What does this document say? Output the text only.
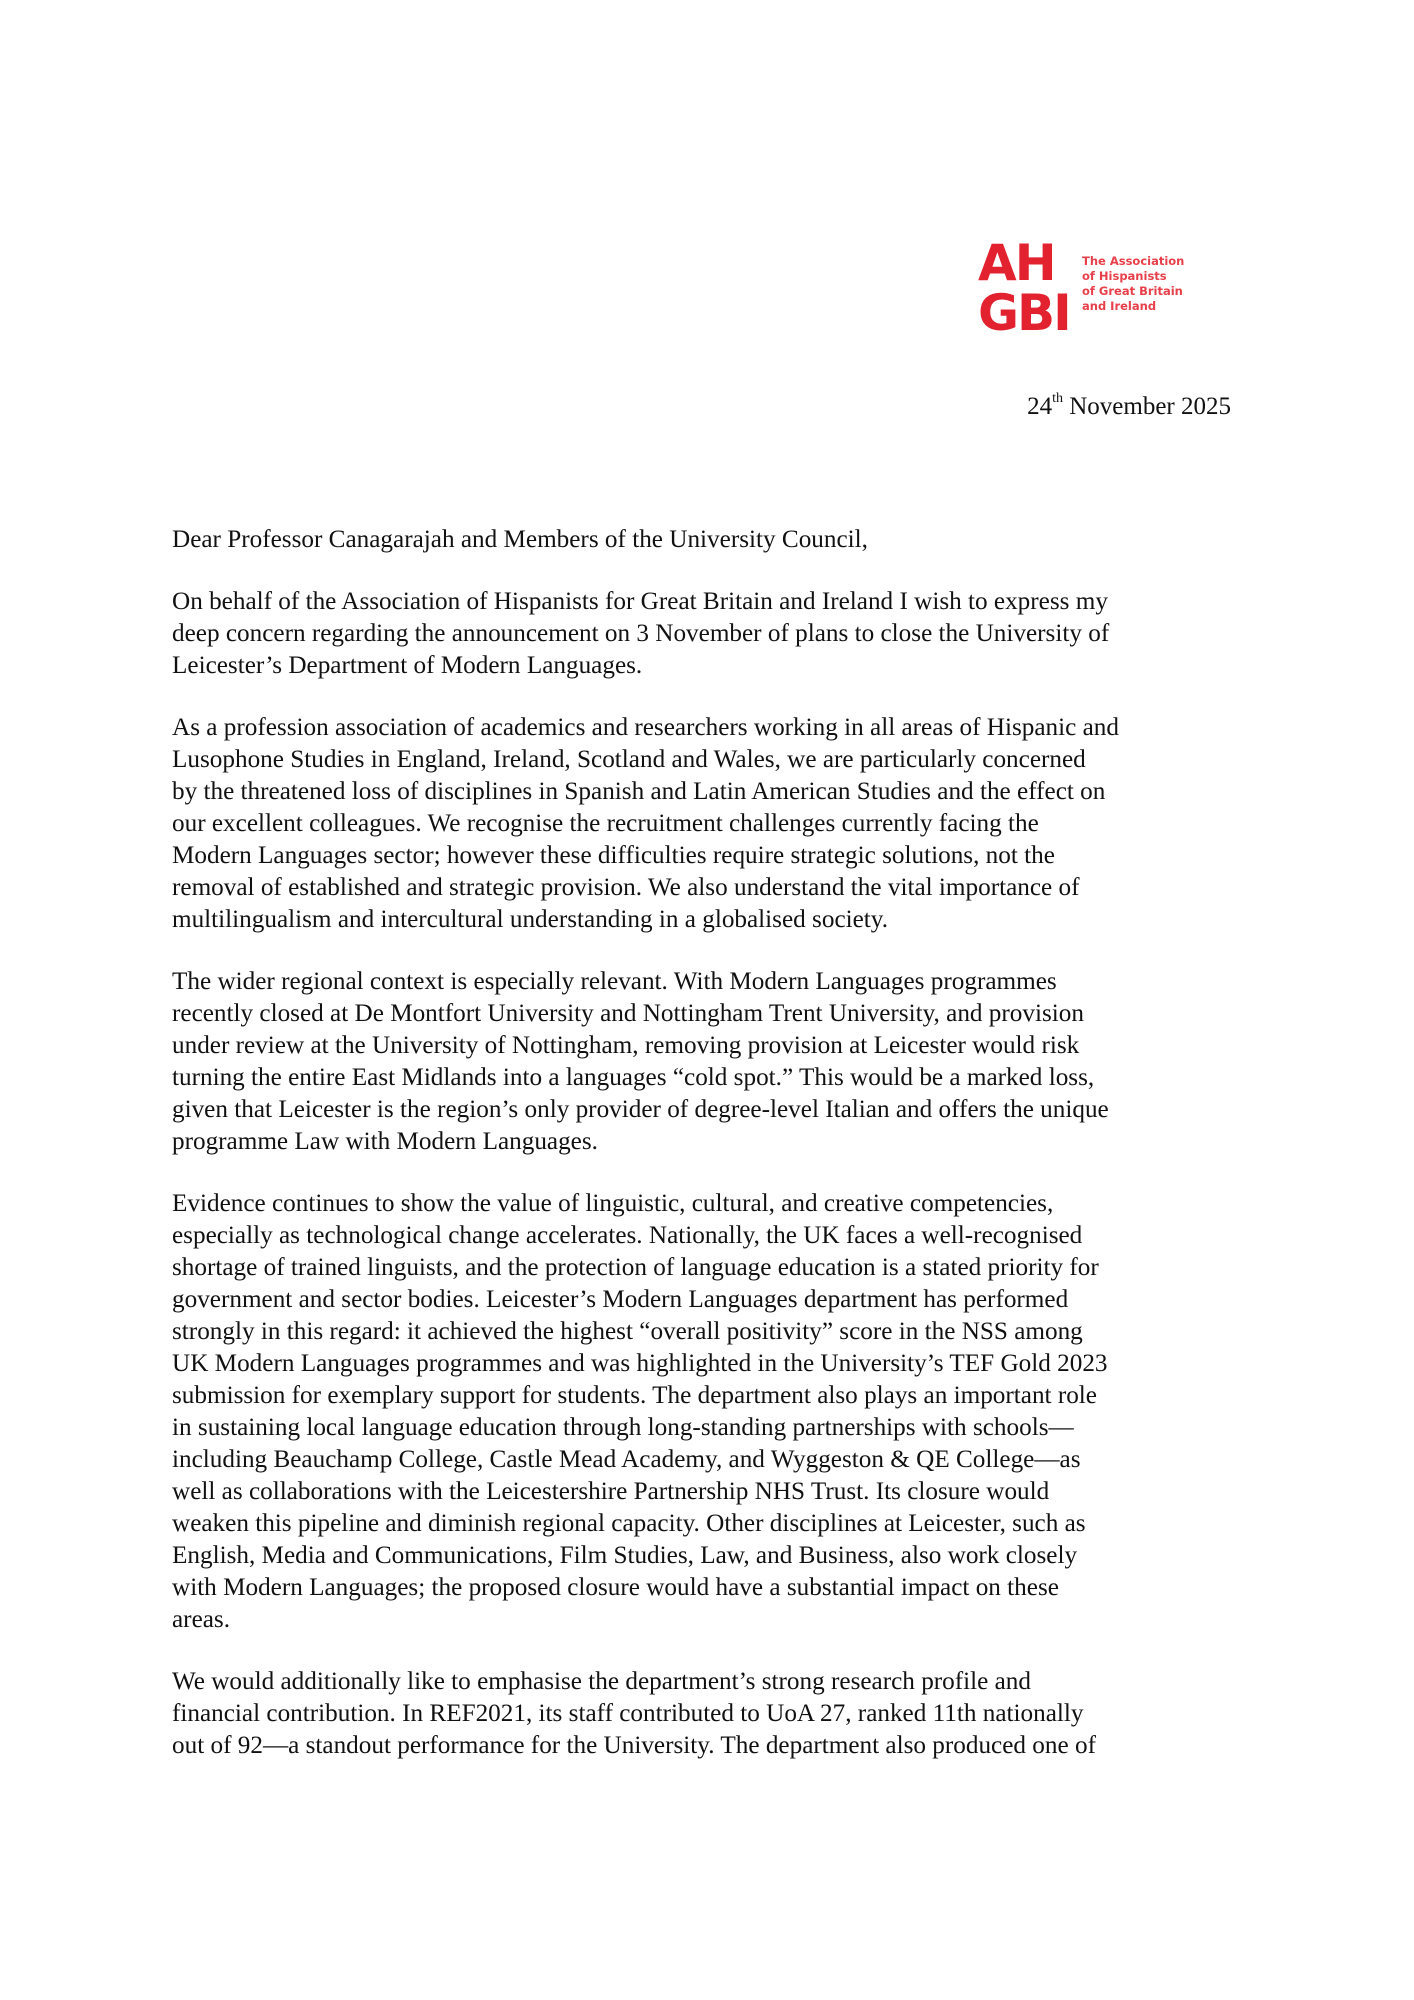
AH
GBI
The Association
of Hispanists
of Great Britain
and Ireland
24th November 2025

Dear Professor Canagarajah and Members of the University Council,

On behalf of the Association of Hispanists for Great Britain and Ireland I wish to express my
deep concern regarding the announcement on 3 November of plans to close the University of
Leicester’s Department of Modern Languages.

As a profession association of academics and researchers working in all areas of Hispanic and
Lusophone Studies in England, Ireland, Scotland and Wales, we are particularly concerned
by the threatened loss of disciplines in Spanish and Latin American Studies and the effect on
our excellent colleagues. We recognise the recruitment challenges currently facing the
Modern Languages sector; however these difficulties require strategic solutions, not the
removal of established and strategic provision. We also understand the vital importance of
multilingualism and intercultural understanding in a globalised society.

The wider regional context is especially relevant. With Modern Languages programmes
recently closed at De Montfort University and Nottingham Trent University, and provision
under review at the University of Nottingham, removing provision at Leicester would risk
turning the entire East Midlands into a languages “cold spot.” This would be a marked loss,
given that Leicester is the region’s only provider of degree-level Italian and offers the unique
programme Law with Modern Languages.

Evidence continues to show the value of linguistic, cultural, and creative competencies,
especially as technological change accelerates. Nationally, the UK faces a well-recognised
shortage of trained linguists, and the protection of language education is a stated priority for
government and sector bodies. Leicester’s Modern Languages department has performed
strongly in this regard: it achieved the highest “overall positivity” score in the NSS among
UK Modern Languages programmes and was highlighted in the University’s TEF Gold 2023
submission for exemplary support for students. The department also plays an important role
in sustaining local language education through long-standing partnerships with schools—
including Beauchamp College, Castle Mead Academy, and Wyggeston & QE College—as
well as collaborations with the Leicestershire Partnership NHS Trust. Its closure would
weaken this pipeline and diminish regional capacity. Other disciplines at Leicester, such as
English, Media and Communications, Film Studies, Law, and Business, also work closely
with Modern Languages; the proposed closure would have a substantial impact on these
areas.

We would additionally like to emphasise the department’s strong research profile and
financial contribution. In REF2021, its staff contributed to UoA 27, ranked 11th nationally
out of 92—a standout performance for the University. The department also produced one of
